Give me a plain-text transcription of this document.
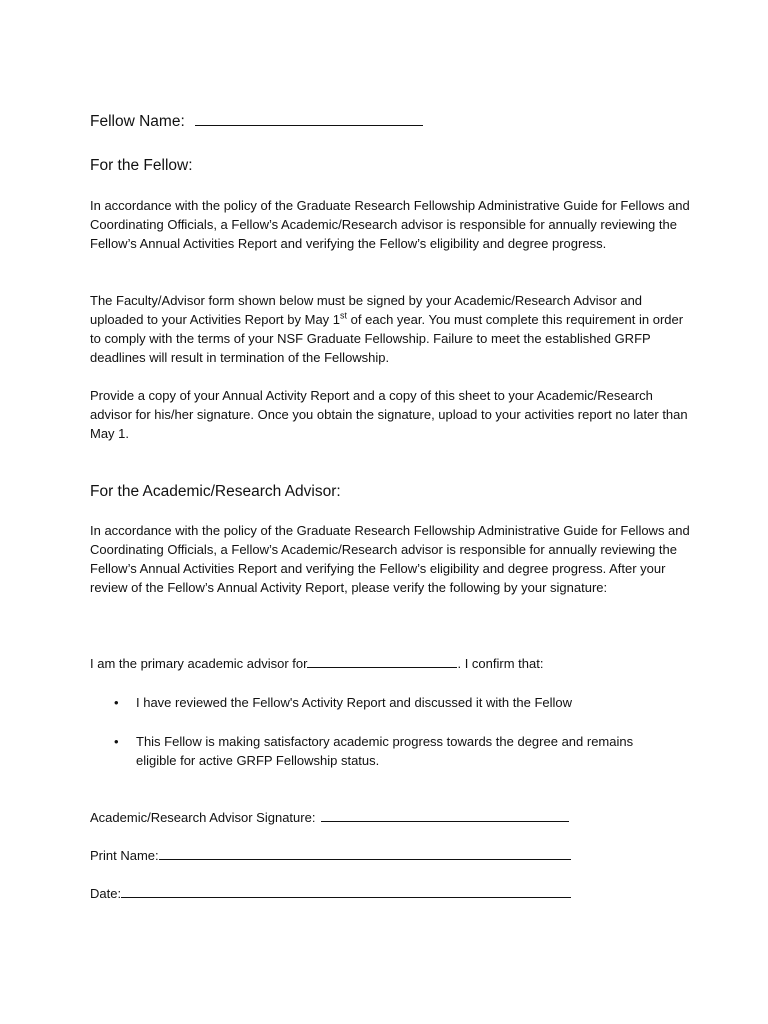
Fellow Name:
For the Fellow:
In accordance with the policy of the Graduate Research Fellowship Administrative Guide for Fellows and Coordinating Officials, a Fellow’s Academic/Research advisor is responsible for annually reviewing the Fellow’s Annual Activities Report and verifying the Fellow’s eligibility and degree progress.
The Faculty/Advisor form shown below must be signed by your Academic/Research Advisor and uploaded to your Activities Report by May 1st of each year. You must complete this requirement in order to comply with the terms of your NSF Graduate Fellowship. Failure to meet the established GRFP deadlines will result in termination of the Fellowship.
Provide a copy of your Annual Activity Report and a copy of this sheet to your Academic/Research advisor for his/her signature. Once you obtain the signature, upload to your activities report no later than May 1.
For the Academic/Research Advisor:
In accordance with the policy of the Graduate Research Fellowship Administrative Guide for Fellows and Coordinating Officials, a Fellow’s Academic/Research advisor is responsible for annually reviewing the Fellow’s Annual Activities Report and verifying the Fellow’s eligibility and degree progress. After your review of the Fellow’s Annual Activity Report, please verify the following by your signature:
I am the primary academic advisor for	. I confirm that:
• I have reviewed the Fellow's Activity Report and discussed it with the Fellow
• This Fellow is making satisfactory academic progress towards the degree and remains eligible for active GRFP Fellowship status.
Academic/Research Advisor Signature:
Print Name:
Date:
